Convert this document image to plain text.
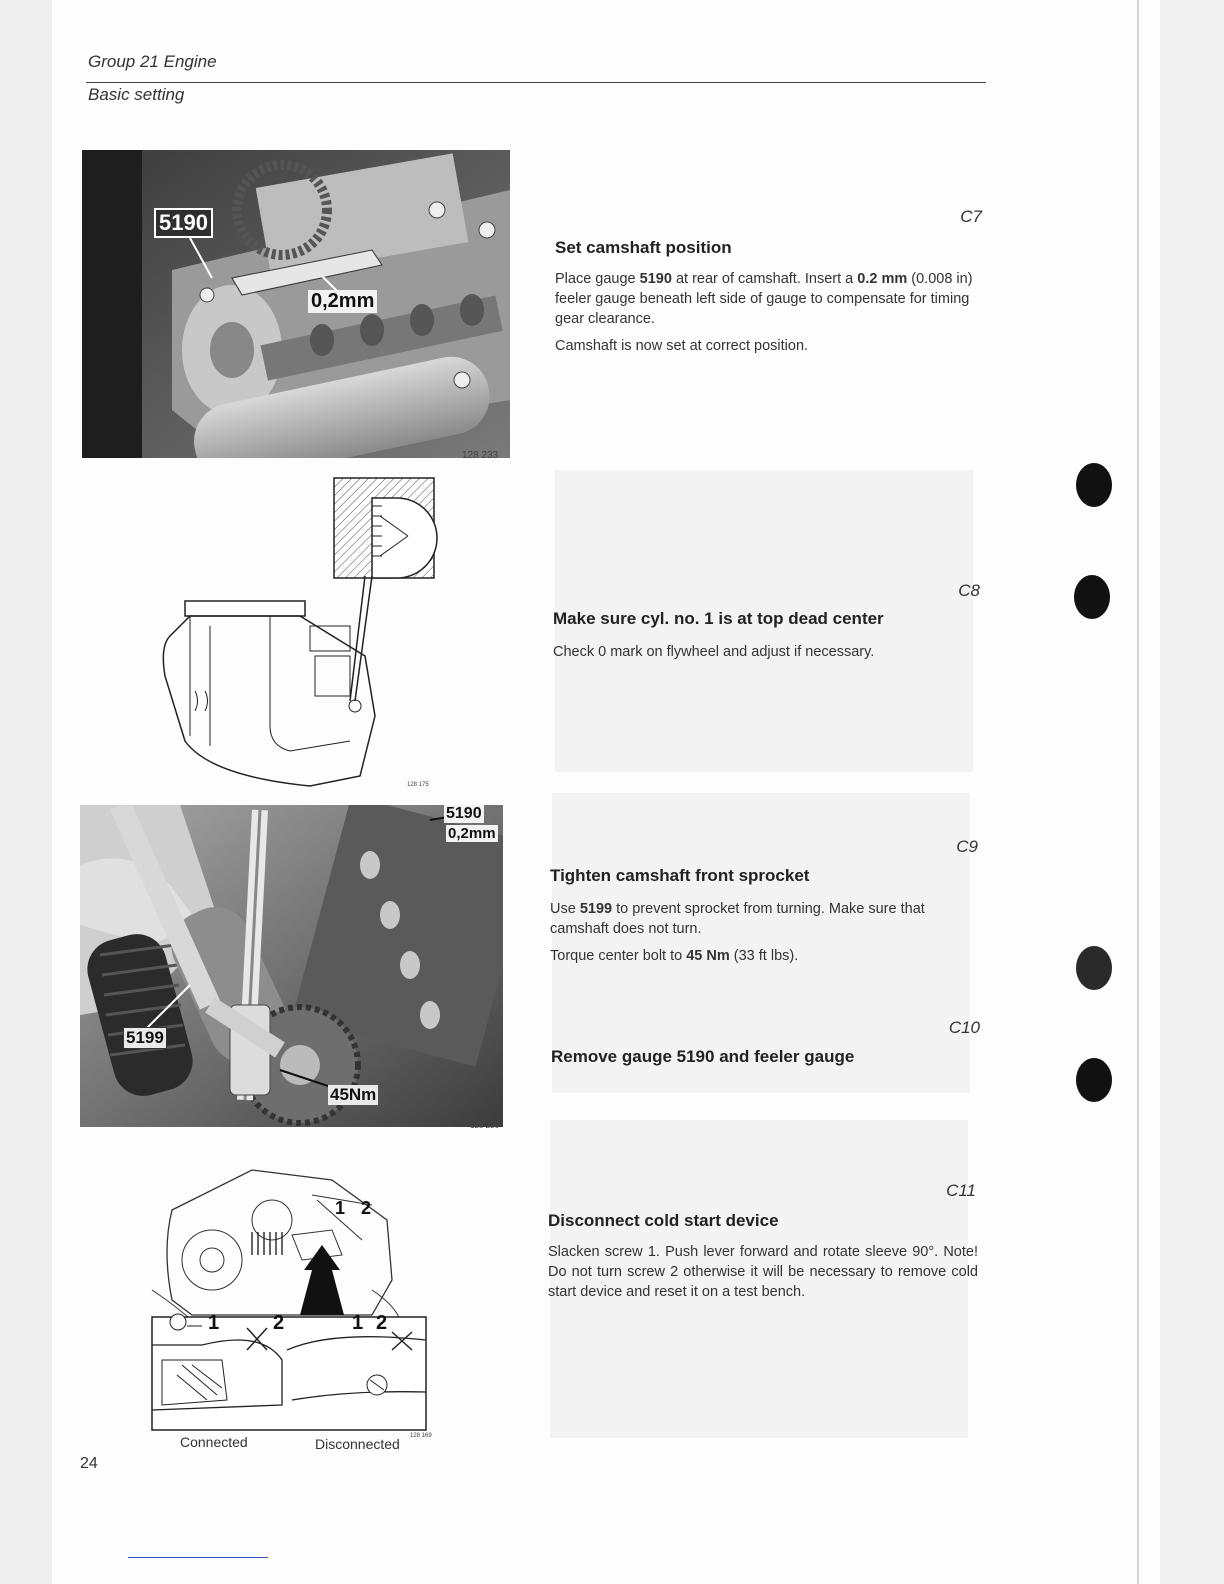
Group 21 Engine
Basic setting
5190
0,2mm
128 233
128 175
5199
45Nm
5190
0,2mm
128 236
1	2	1 2
1 2
Connected	Disconnected 128 169
C7
Set camshaft position

Place gauge 5190 at rear of camshaft. Insert a 0.2 mm (0.008 in) feeler gauge beneath left side of gauge to compensate for timing gear clearance.

Camshaft is now set at correct position.

C8
Make sure cyl. no. 1 is at top dead center

Check 0 mark on flywheel and adjust if necessary.

C9
Tighten camshaft front sprocket

Use 5199 to prevent sprocket from turning. Make sure that camshaft does not turn.

Torque center bolt to 45 Nm (33 ft lbs).

C10
Remove gauge 5190 and feeler gauge
C11
Disconnect cold start device

Slacken screw 1. Push lever forward and rotate sleeve 90°. Note! Do not turn screw 2 otherwise it will be necessary to remove cold start device and reset it on a test bench.

24
